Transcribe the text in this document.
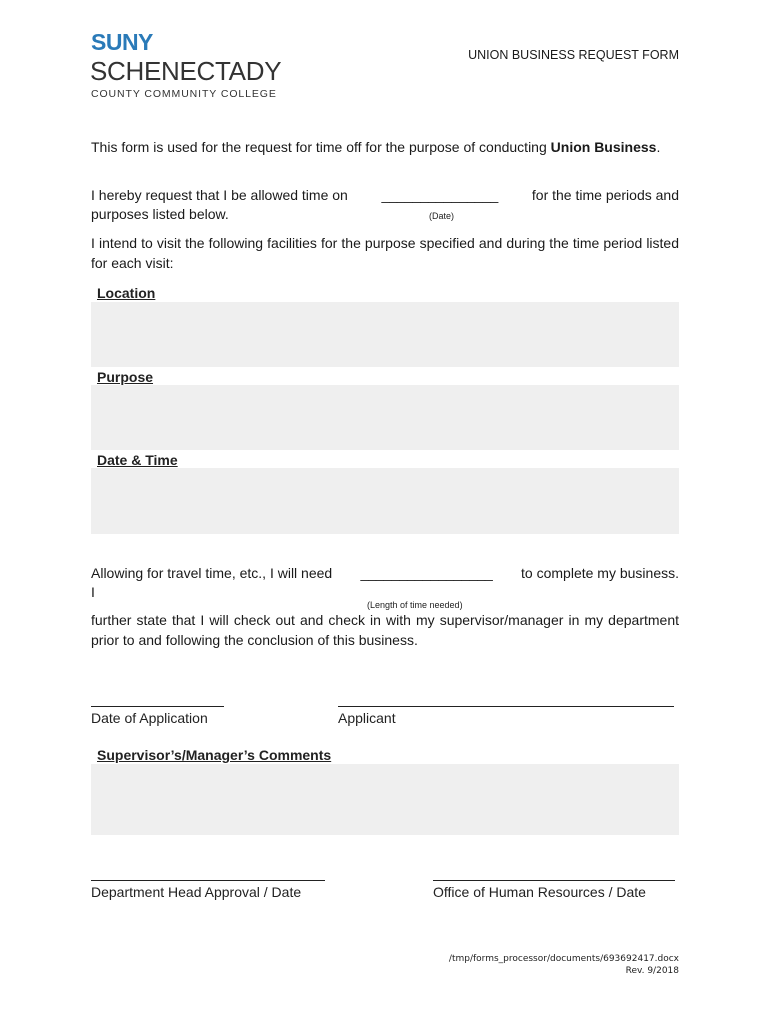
SUNY
SCHENECTADY
COUNTY COMMUNITY COLLEGE
UNION BUSINESS REQUEST FORM
This form is used for the request for time off for the purpose of conducting Union Business.
I hereby request that I be allowed time on _______________ for the time periods and
purposes listed below.	(Date)
I intend to visit the following facilities for the purpose specified and during the time period listed for each visit:
Location
Purpose
Date & Time
Allowing for travel time, etc., I will need _________________ to complete my business.
I
(Length of time needed)
further state that I will check out and check in with my supervisor/manager in my department prior to and following the conclusion of this business.
Date of Application	Applicant
Supervisor’s/Manager’s Comments
Department Head Approval / Date	Office of Human Resources / Date
/tmp/forms_processor/documents/693692417.docx
Rev. 9/2018
